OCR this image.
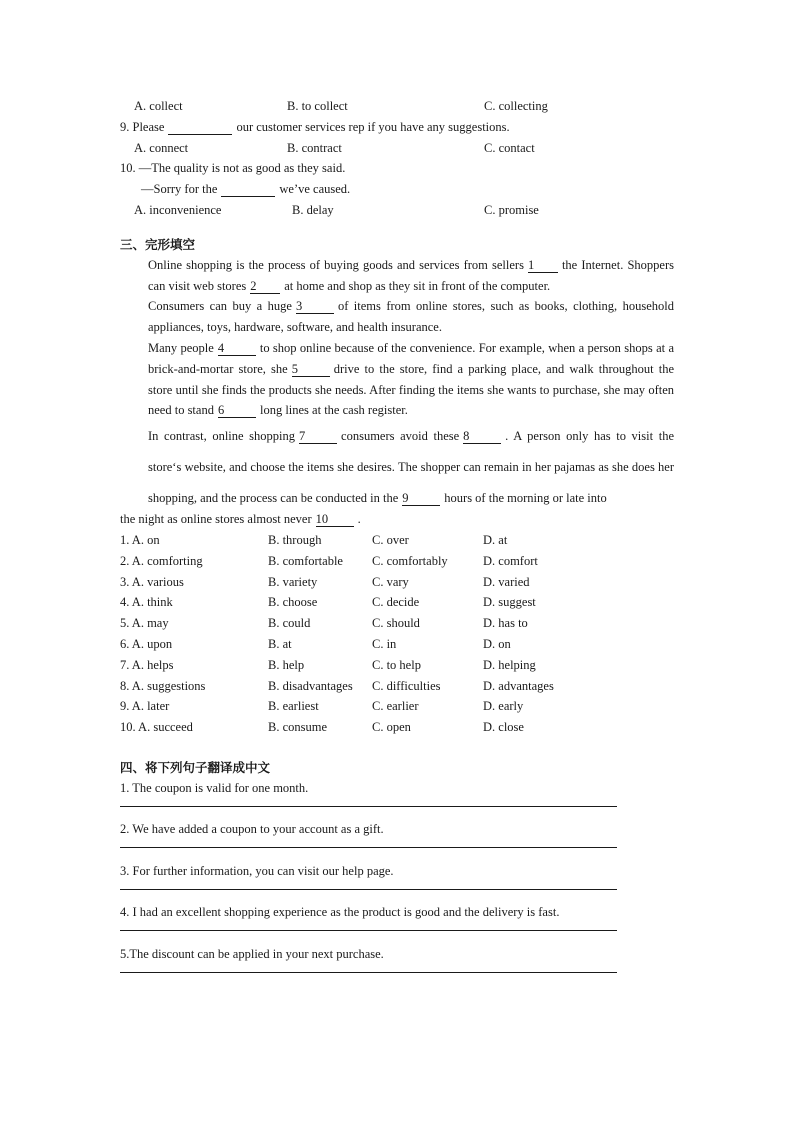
A. collect	B. to collect	C. collecting
9. Please	our customer services rep if you have any suggestions.
A. connect	B. contract	C. contact
10. —The quality is not as good as they said.
—Sorry for the	we’ve caused.
A. inconvenience	B. delay	C. promise
三、完形填空
Online shopping is the process of buying goods and services from sellers 1 the Internet. Shoppers can visit web stores 2 at home and shop as they sit in front of the computer.
Consumers can buy a huge 3	of items from online stores, such as books, clothing, household appliances, toys, hardware, software, and health insurance.
Many people 4	to shop online because of the convenience. For example, when a person shops at a brick-and-mortar store, she 5	drive to the store, find a parking place, and walk throughout the store until she finds the products she needs. After finding the items she wants to purchase, she may often need to stand 6	long lines at the cash register.
In contrast, online shopping 7	consumers avoid these 8	. A person only has to visit the store‘s website, and choose the items she desires. The shopper can remain in her pajamas as she does her shopping, and the process can be conducted in the 9	hours of the morning or late into
the night as online stores almost never 10 .
1. A. on	B. through	C. over	D. at
2. A. comforting	B. comfortable C. comfortably	D. comfort
3. A. various	B. variety	C. vary	D. varied
4. A. think	B. choose	C. decide	D. suggest
5. A. may	B. could	C. should	D. has to
6. A. upon	B. at	C. in	D. on
7. A. helps	B. help	C. to help	D. helping
8. A. suggestions	B. disadvantages C. difficulties	D. advantages
9. A. later	B. earliest	C. earlier	D. early
10. A. succeed	B. consume	C. open	D. close
四、将下列句子翻译成中文
1. The coupon is valid for one month.
2. We have added a coupon to your account as a gift.
3. For further information, you can visit our help page.
4. I had an excellent shopping experience as the product is good and the delivery is fast.
5.The discount can be applied in your next purchase.
